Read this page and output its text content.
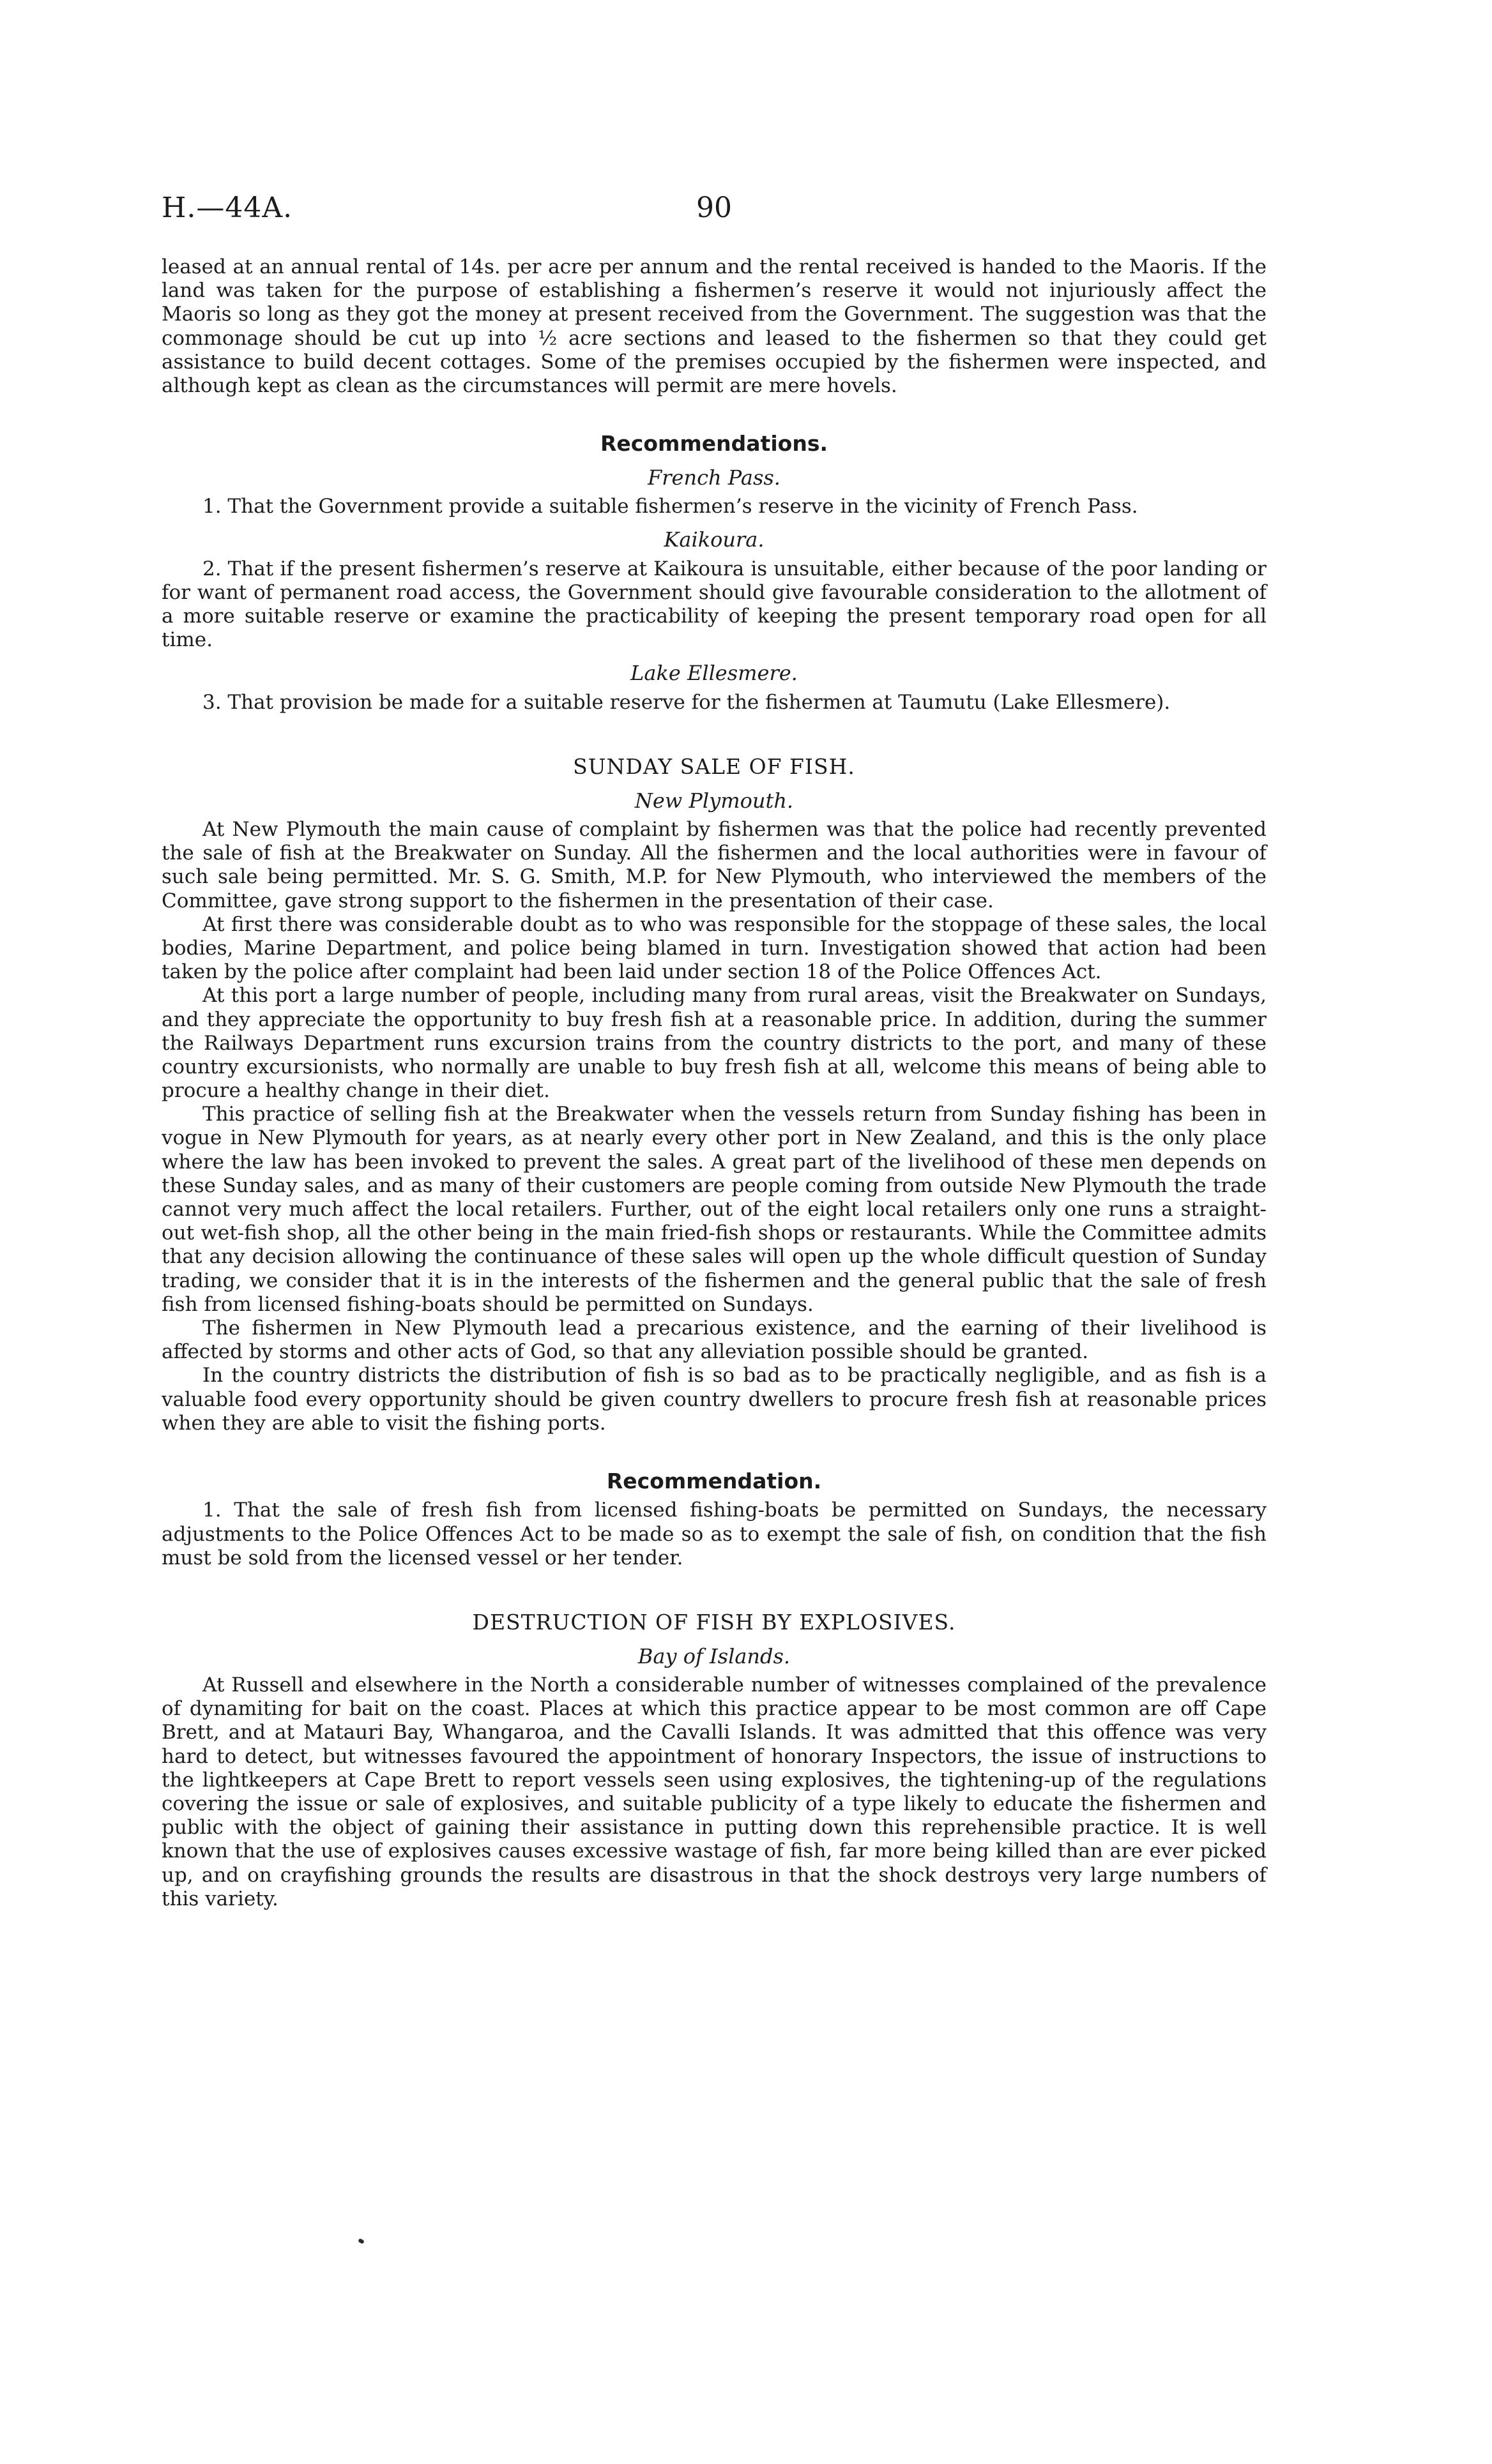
H.—44A.	90

leased at an annual rental of 14s. per acre per annum and the rental received is handed to the Maoris. If the land was taken for the purpose of establishing a fishermen’s reserve it would not injuriously affect the Maoris so long as they got the money at present received from the Government. The suggestion was that the commonage should be cut up into ½ acre sections and leased to the fishermen so that they could get assistance to build decent cottages. Some of the premises occupied by the fishermen were inspected, and although kept as clean as the circumstances will permit are mere hovels.

Recommendations.
French Pass.

1. That the Government provide a suitable fishermen’s reserve in the vicinity of French Pass.

Kaikoura.

2. That if the present fishermen’s reserve at Kaikoura is unsuitable, either because of the poor landing or for want of permanent road access, the Government should give favourable consideration to the allotment of a more suitable reserve or examine the practicability of keeping the present temporary road open for all time.

Lake Ellesmere.

3. That provision be made for a suitable reserve for the fishermen at Taumutu (Lake Ellesmere).

SUNDAY SALE OF FISH.
New Plymouth.

At New Plymouth the main cause of complaint by fishermen was that the police had recently prevented the sale of fish at the Breakwater on Sunday. All the fishermen and the local authorities were in favour of such sale being permitted. Mr. S. G. Smith, M.P. for New Plymouth, who interviewed the members of the Committee, gave strong support to the fishermen in the presentation of their case.

At first there was considerable doubt as to who was responsible for the stoppage of these sales, the local bodies, Marine Department, and police being blamed in turn. Investigation showed that action had been taken by the police after complaint had been laid under section 18 of the Police Offences Act.

At this port a large number of people, including many from rural areas, visit the Breakwater on Sundays, and they appreciate the opportunity to buy fresh fish at a reasonable price. In addition, during the summer the Railways Department runs excursion trains from the country districts to the port, and many of these country excursionists, who normally are unable to buy fresh fish at all, welcome this means of being able to procure a healthy change in their diet.

This practice of selling fish at the Breakwater when the vessels return from Sunday fishing has been in vogue in New Plymouth for years, as at nearly every other port in New Zealand, and this is the only place where the law has been invoked to prevent the sales. A great part of the livelihood of these men depends on these Sunday sales, and as many of their customers are people coming from outside New Plymouth the trade cannot very much affect the local retailers. Further, out of the eight local retailers only one runs a straight-out wet-fish shop, all the other being in the main fried-fish shops or restaurants. While the Committee admits that any decision allowing the continuance of these sales will open up the whole difficult question of Sunday trading, we consider that it is in the interests of the fishermen and the general public that the sale of fresh fish from licensed fishing-boats should be permitted on Sundays.

The fishermen in New Plymouth lead a precarious existence, and the earning of their livelihood is affected by storms and other acts of God, so that any alleviation possible should be granted.

In the country districts the distribution of fish is so bad as to be practically negligible, and as fish is a valuable food every opportunity should be given country dwellers to procure fresh fish at reasonable prices when they are able to visit the fishing ports.

Recommendation.

1. That the sale of fresh fish from licensed fishing-boats be permitted on Sundays, the necessary adjustments to the Police Offences Act to be made so as to exempt the sale of fish, on condition that the fish must be sold from the licensed vessel or her tender.

DESTRUCTION OF FISH BY EXPLOSIVES.
Bay of Islands.

At Russell and elsewhere in the North a considerable number of witnesses complained of the prevalence of dynamiting for bait on the coast. Places at which this practice appear to be most common are off Cape Brett, and at Matauri Bay, Whangaroa, and the Cavalli Islands. It was admitted that this offence was very hard to detect, but witnesses favoured the appointment of honorary Inspectors, the issue of instructions to the lightkeepers at Cape Brett to report vessels seen using explosives, the tightening-up of the regulations covering the issue or sale of explosives, and suitable publicity of a type likely to educate the fishermen and public with the object of gaining their assistance in putting down this reprehensible practice. It is well known that the use of explosives causes excessive wastage of fish, far more being killed than are ever picked up, and on crayfishing grounds the results are disastrous in that the shock destroys very large numbers of this variety.
